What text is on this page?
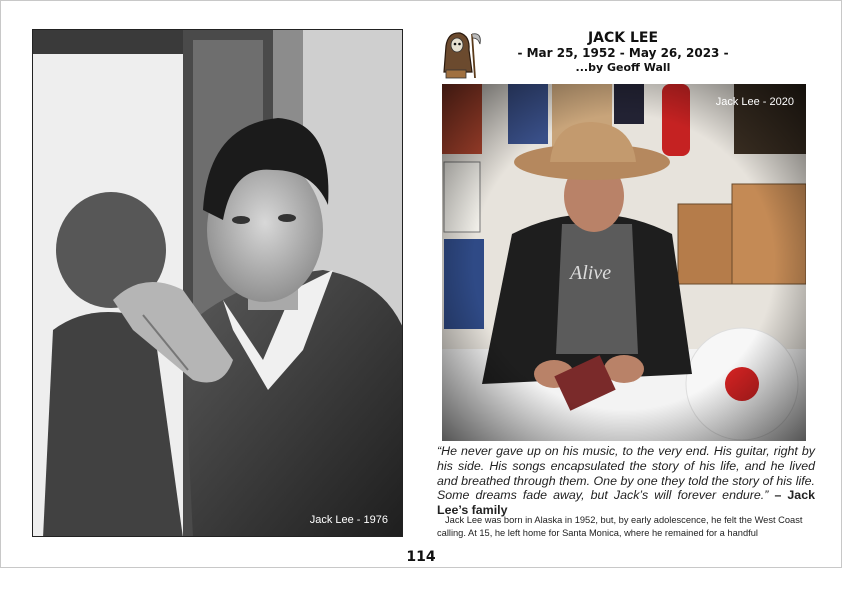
Jack Lee - 1976
JACK LEE
- Mar 25, 1952 - May 26, 2023 -
...by Geoff Wall
Jack Lee - 2020
“He never gave up on his music, to the very end. His guitar, right by his side. His songs encapsulated the story of his life, and he lived and breathed through them. One by one they told the story of his life. Some dreams fade away, but Jack’s will forever endure.” – Jack Lee’s family
Jack Lee was born in Alaska in 1952, but, by early adolescence, he felt the West Coast calling. At 15, he left home for Santa Monica, where he remained for a handful
114
